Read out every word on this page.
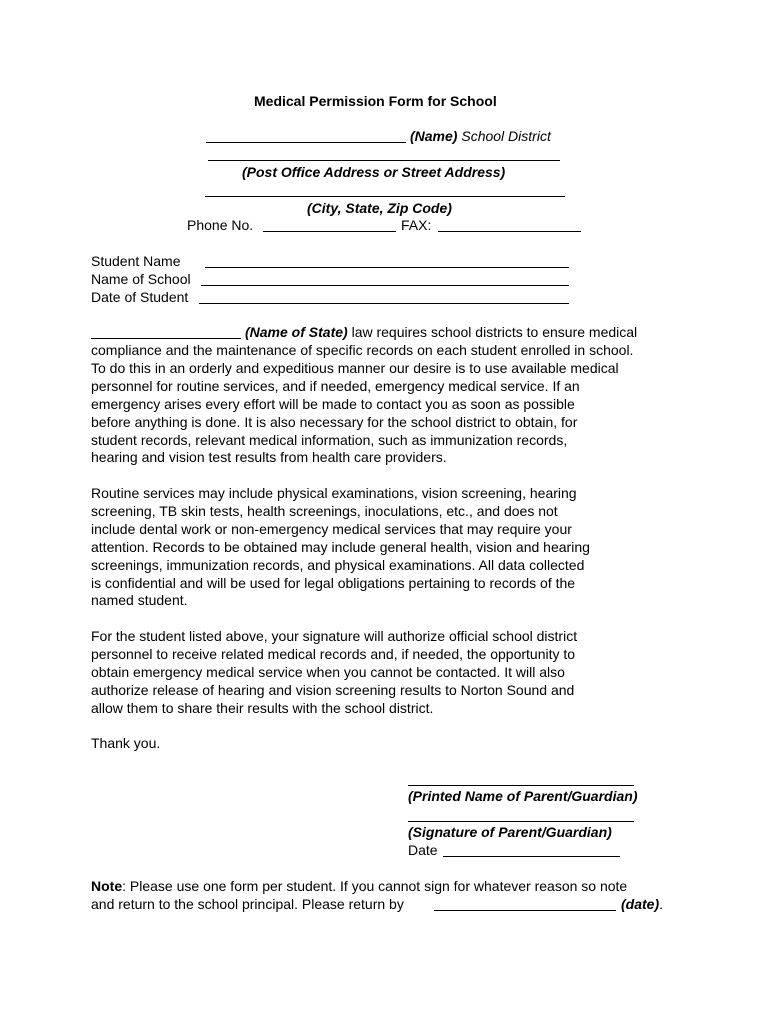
Medical Permission Form for School
(Name) School District
(Post Office Address or Street Address)
(City, State, Zip Code)
Phone No.	FAX:
Student Name
Name of School
Date of Student
(Name of State) law requires school districts to ensure medical

compliance and the maintenance of specific records on each student enrolled in school.

To do this in an orderly and expeditious manner our desire is to use available medical

personnel for routine services, and if needed, emergency medical service. If an

emergency arises every effort will be made to contact you as soon as possible

before anything is done. It is also necessary for the school district to obtain, for

student records, relevant medical information, such as immunization records,

hearing and vision test results from health care providers.

Routine services may include physical examinations, vision screening, hearing

screening, TB skin tests, health screenings, inoculations, etc., and does not

include dental work or non-emergency medical services that may require your

attention. Records to be obtained may include general health, vision and hearing

screenings, immunization records, and physical examinations. All data collected

is confidential and will be used for legal obligations pertaining to records of the

named student.

For the student listed above, your signature will authorize official school district

personnel to receive related medical records and, if needed, the opportunity to

obtain emergency medical service when you cannot be contacted. It will also

authorize release of hearing and vision screening results to Norton Sound and

allow them to share their results with the school district.

Thank you.
(Printed Name of Parent/Guardian)
(Signature of Parent/Guardian)
Date
Note: Please use one form per student. If you cannot sign for whatever reason so note
and return to the school principal. Please return by	(date).
